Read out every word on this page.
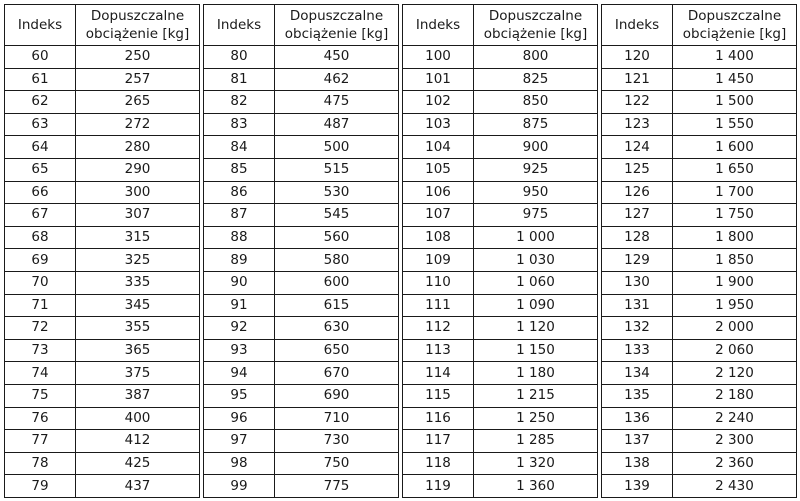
Indeks	Dopuszczalne obciążenie [kg]
60	250
61	257
62	265
63	272
64	280
65	290
66	300
67	307
68	315
69	325
70	335
71	345
72	355
73	365
74	375
75	387
76	400
77	412
78	425
79	437
Indeks	Dopuszczalne obciążenie [kg]
80	450
81	462
82	475
83	487
84	500
85	515
86	530
87	545
88	560
89	580
90	600
91	615
92	630
93	650
94	670
95	690
96	710
97	730
98	750
99	775
Indeks	Dopuszczalne obciążenie [kg]
100	800
101	825
102	850
103	875
104	900
105	925
106	950
107	975
108	1 000
109	1 030
110	1 060
111	1 090
112	1 120
113	1 150
114	1 180
115	1 215
116	1 250
117	1 285
118	1 320
119	1 360
Indeks	Dopuszczalne obciążenie [kg]
120	1 400
121	1 450
122	1 500
123	1 550
124	1 600
125	1 650
126	1 700
127	1 750
128	1 800
129	1 850
130	1 900
131	1 950
132	2 000
133	2 060
134	2 120
135	2 180
136	2 240
137	2 300
138	2 360
139	2 430
